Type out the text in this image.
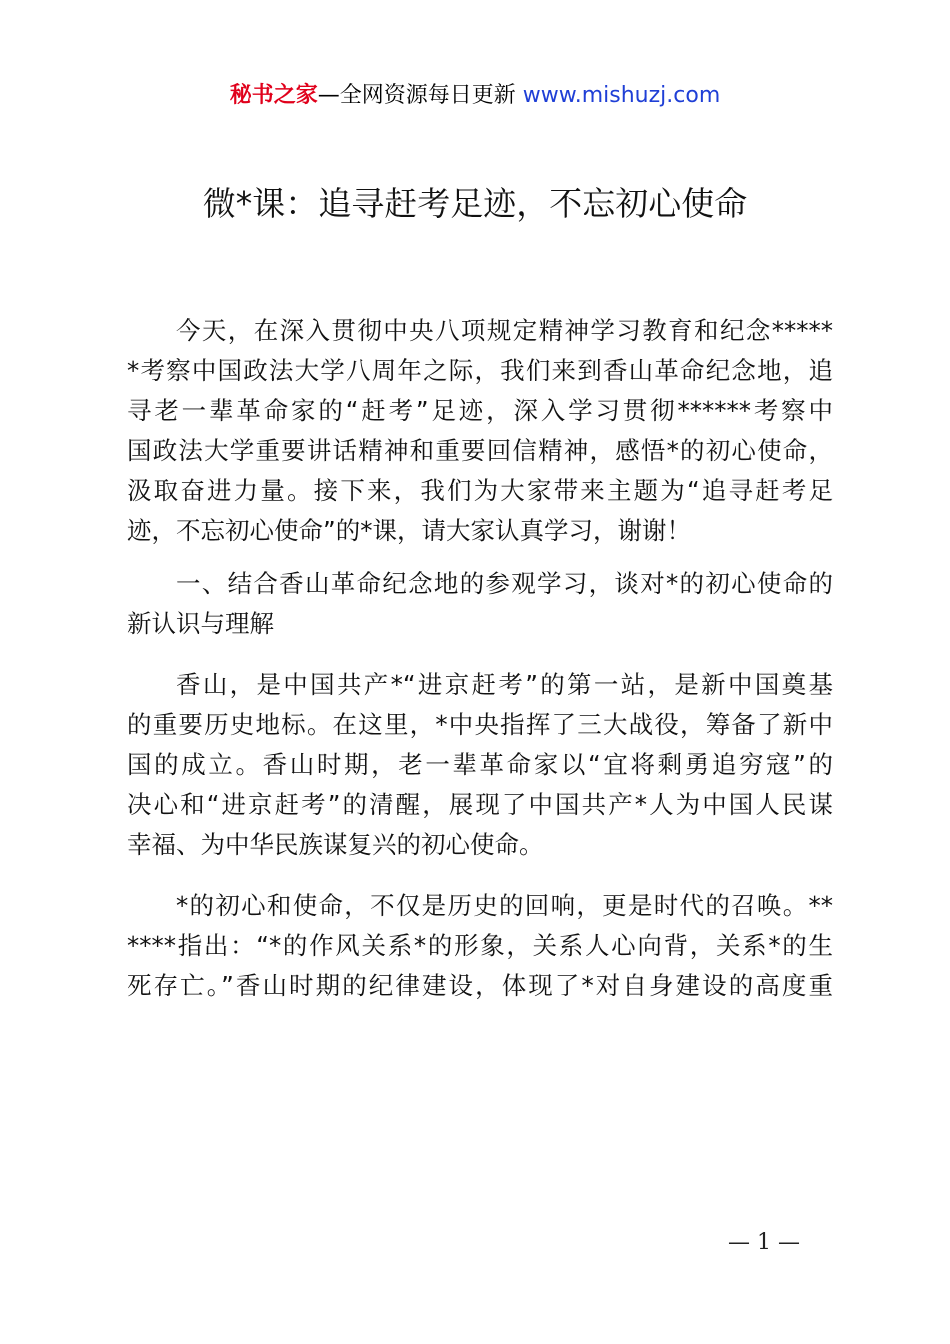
秘书之家—全网资源每日更新 www.mishuzj.com
微*课：追寻赶考足迹，不忘初心使命
今天，在深入贯彻中央八项规定精神学习教育和纪念*****
*考察中国政法大学八周年之际，我们来到香山革命纪念地，追
寻老一辈革命家的“赶考”足迹，深入学习贯彻******考察中
国政法大学重要讲话精神和重要回信精神，感悟*的初心使命，
汲取奋进力量。接下来，我们为大家带来主题为“追寻赶考足
迹，不忘初心使命”的*课，请大家认真学习，谢谢！
一、结合香山革命纪念地的参观学习，谈对*的初心使命的
新认识与理解
香山，是中国共产*“进京赶考”的第一站，是新中国奠基
的重要历史地标。在这里，*中央指挥了三大战役，筹备了新中
国的成立。香山时期，老一辈革命家以“宜将剩勇追穷寇”的
决心和“进京赶考”的清醒，展现了中国共产*人为中国人民谋
幸福、为中华民族谋复兴的初心使命。
*的初心和使命，不仅是历史的回响，更是时代的召唤。**
****指出：“*的作风关系*的形象，关系人心向背，关系*的生
死存亡。”香山时期的纪律建设，体现了*对自身建设的高度重
— 1 —
